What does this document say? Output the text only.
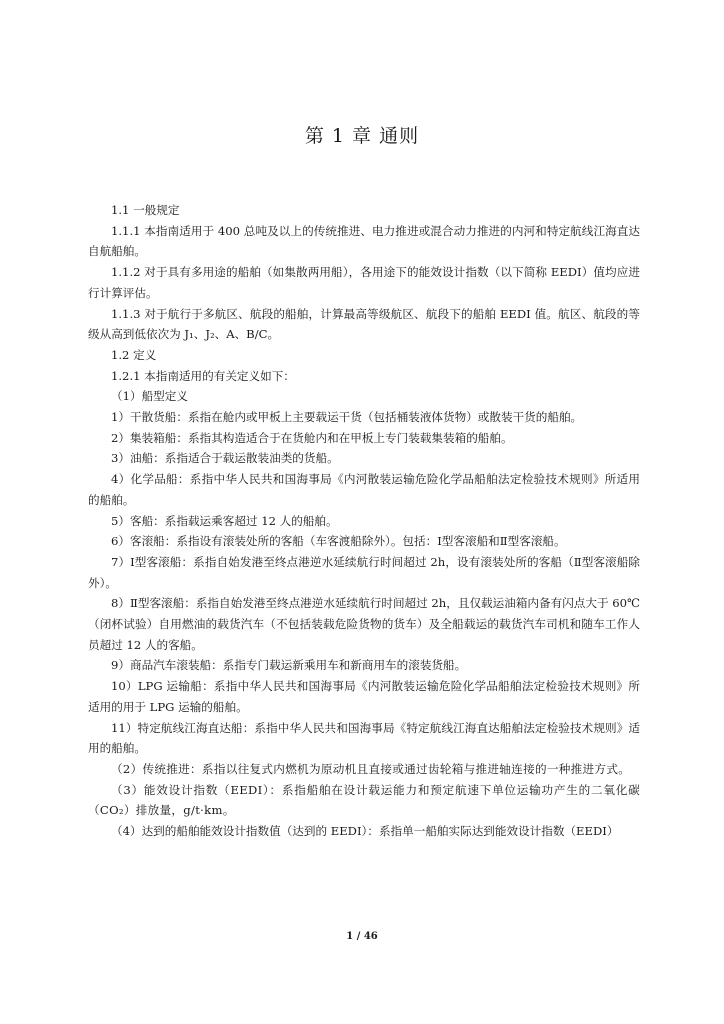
第 1 章 通则

1.1 一般规定

1.1.1 本指南适用于 400 总吨及以上的传统推进、电力推进或混合动力推进的内河和特定航线江海直达自航船舶。

1.1.2 对于具有多用途的船舶（如集散两用船），各用途下的能效设计指数（以下简称 EEDI）值均应进行计算评估。

1.1.3 对于航行于多航区、航段的船舶，计算最高等级航区、航段下的船舶 EEDI 值。航区、航段的等级从高到低依次为 J₁、J₂、A、B/C。

1.2 定义

1.2.1 本指南适用的有关定义如下：

（1）船型定义

1）干散货船：系指在舱内或甲板上主要载运干货（包括桶装液体货物）或散装干货的船舶。

2）集装箱船：系指其构造适合于在货舱内和在甲板上专门装载集装箱的船舶。

3）油船：系指适合于载运散装油类的货船。

4）化学品船：系指中华人民共和国海事局《内河散装运输危险化学品船舶法定检验技术规则》所适用的船舶。

5）客船：系指载运乘客超过 12 人的船舶。

6）客滚船：系指设有滚装处所的客船（车客渡船除外）。包括：Ⅰ型客滚船和Ⅱ型客滚船。

7）Ⅰ型客滚船：系指自始发港至终点港逆水延续航行时间超过 2h，设有滚装处所的客船（Ⅱ型客滚船除外）。

8）Ⅱ型客滚船：系指自始发港至终点港逆水延续航行时间超过 2h，且仅载运油箱内备有闪点大于 60℃（闭杯试验）自用燃油的载货汽车（不包括装载危险货物的货车）及全船载运的载货汽车司机和随车工作人员超过 12 人的客船。

9）商品汽车滚装船：系指专门载运新乘用车和新商用车的滚装货船。

10）LPG 运输船：系指中华人民共和国海事局《内河散装运输危险化学品船舶法定检验技术规则》所适用的用于 LPG 运输的船舶。

11）特定航线江海直达船：系指中华人民共和国海事局《特定航线江海直达船舶法定检验技术规则》适用的船舶。

（2）传统推进：系指以往复式内燃机为原动机且直接或通过齿轮箱与推进轴连接的一种推进方式。

（3）能效设计指数（EEDI）：系指船舶在设计载运能力和预定航速下单位运输功产生的二氧化碳（CO₂）排放量，g/t·km。

（4）达到的船舶能效设计指数值（达到的 EEDI）：系指单一船舶实际达到能效设计指数（EEDI）

1 / 46
